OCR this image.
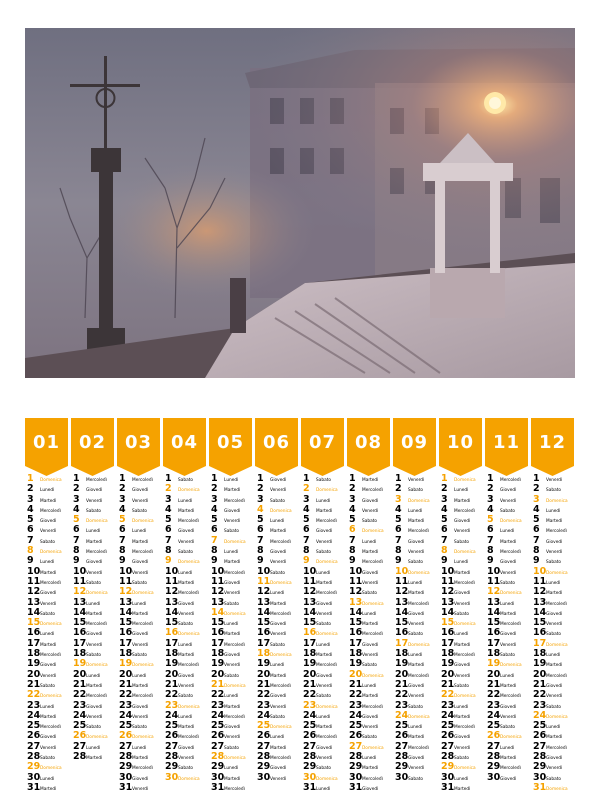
01
1	Domenica
2	Lunedì
3	Martedì
4	Mercoledì
5	Giovedì
6	Venerdì
7	Sabato
8	Domenica
9	Lunedì
10 Martedì
11 Mercoledì
12 Giovedì
13 Venerdì
14 Sabato
15 Domenica
16 Lunedì
17 Martedì
18 Mercoledì
19 Giovedì
20 Venerdì
21 Sabato
22 Domenica
23 Lunedì
24 Martedì
25 Mercoledì
26 Giovedì
27 Venerdì
28 Sabato
29 Domenica
30 Lunedì
31 Martedì
02
1	Mercoledì
2	Giovedì
3	Venerdì
4	Sabato
5	Domenica
6	Lunedì
7	Martedì
8	Mercoledì
9	Giovedì
10 Venerdì
11 Sabato
12 Domenica
13 Lunedì
14 Martedì
15 Mercoledì
16 Giovedì
17 Venerdì
18 Sabato
19 Domenica
20 Lunedì
21 Martedì
22 Mercoledì
23 Giovedì
24 Venerdì
25 Sabato
26 Domenica
27 Lunedì
28 Martedì
03
1	Mercoledì
2	Giovedì
3	Venerdì
4	Sabato
5	Domenica
6	Lunedì
7	Martedì
8	Mercoledì
9	Giovedì
10 Venerdì
11 Sabato
12 Domenica
13 Lunedì
14 Martedì
15 Mercoledì
16 Giovedì
17 Venerdì
18 Sabato
19 Domenica
20 Lunedì
21 Martedì
22 Mercoledì
23 Giovedì
24 Venerdì
25 Sabato
26 Domenica
27 Lunedì
28 Martedì
29 Mercoledì
30 Giovedì
31 Venerdì
04
1	Sabato
2	Domenica
3	Lunedì
4	Martedì
5	Mercoledì
6	Giovedì
7	Venerdì
8	Sabato
9	Domenica
10 Lunedì
11 Martedì
12 Mercoledì
13 Giovedì
14 Venerdì
15 Sabato
16 Domenica
17 Lunedì
18 Martedì
19 Mercoledì
20 Giovedì
21 Venerdì
22 Sabato
23 Domenica
24 Lunedì
25 Martedì
26 Mercoledì
27 Giovedì
28 Venerdì
29 Sabato
30 Domenica
05
1	Lunedì
2	Martedì
3	Mercoledì
4	Giovedì
5	Venerdì
6	Sabato
7	Domenica
8	Lunedì
9	Martedì
10 Mercoledì
11 Giovedì
12 Venerdì
13 Sabato
14 Domenica
15 Lunedì
16 Martedì
17 Mercoledì
18 Giovedì
19 Venerdì
20 Sabato
21 Domenica
22 Lunedì
23 Martedì
24 Mercoledì
25 Giovedì
26 Venerdì
27 Sabato
28 Domenica
29 Lunedì
30 Martedì
31 Mercoledì
06
1	Giovedì
2	Venerdì
3	Sabato
4	Domenica
5	Lunedì
6	Martedì
7	Mercoledì
8	Giovedì
9	Venerdì
10 Sabato
11 Domenica
12 Lunedì
13 Martedì
14 Mercoledì
15 Giovedì
16 Venerdì
17 Sabato
18 Domenica
19 Lunedì
20 Martedì
21 Mercoledì
22 Giovedì
23 Venerdì
24 Sabato
25 Domenica
26 Lunedì
27 Martedì
28 Mercoledì
29 Giovedì
30 Venerdì
07
1	Sabato
2	Domenica
3	Lunedì
4	Martedì
5	Mercoledì
6	Giovedì
7	Venerdì
8	Sabato
9	Domenica
10 Lunedì
11 Martedì
12 Mercoledì
13 Giovedì
14 Venerdì
15 Sabato
16 Domenica
17 Lunedì
18 Martedì
19 Mercoledì
20 Giovedì
21 Venerdì
22 Sabato
23 Domenica
24 Lunedì
25 Martedì
26 Mercoledì
27 Giovedì
28 Venerdì
29 Sabato
30 Domenica
31 Lunedì
08
1	Martedì
2	Mercoledì
3	Giovedì
4	Venerdì
5	Sabato
6	Domenica
7	Lunedì
8	Martedì
9	Mercoledì
10 Giovedì
11 Venerdì
12 Sabato
13 Domenica
14 Lunedì
15 Martedì
16 Mercoledì
17 Giovedì
18 Venerdì
19 Sabato
20 Domenica
21 Lunedì
22 Martedì
23 Mercoledì
24 Giovedì
25 Venerdì
26 Sabato
27 Domenica
28 Lunedì
29 Martedì
30 Mercoledì
31 Giovedì
09
1	Venerdì
2	Sabato
3	Domenica
4	Lunedì
5	Martedì
6	Mercoledì
7	Giovedì
8	Venerdì
9	Sabato
10 Domenica
11 Lunedì
12 Martedì
13 Mercoledì
14 Giovedì
15 Venerdì
16 Sabato
17 Domenica
18 Lunedì
19 Martedì
20 Mercoledì
21 Giovedì
22 Venerdì
23 Sabato
24 Domenica
25 Lunedì
26 Martedì
27 Mercoledì
28 Giovedì
29 Venerdì
30 Sabato
10
1	Domenica
2	Lunedì
3	Martedì
4	Mercoledì
5	Giovedì
6	Venerdì
7	Sabato
8	Domenica
9	Lunedì
10 Martedì
11 Mercoledì
12 Giovedì
13 Venerdì
14 Sabato
15 Domenica
16 Lunedì
17 Martedì
18 Mercoledì
19 Giovedì
20 Venerdì
21 Sabato
22 Domenica
23 Lunedì
24 Martedì
25 Mercoledì
26 Giovedì
27 Venerdì
28 Sabato
29 Domenica
30 Lunedì
31 Martedì
11
1	Mercoledì
2	Giovedì
3	Venerdì
4	Sabato
5	Domenica
6	Lunedì
7	Martedì
8	Mercoledì
9	Giovedì
10 Venerdì
11 Sabato
12 Domenica
13 Lunedì
14 Martedì
15 Mercoledì
16 Giovedì
17 Venerdì
18 Sabato
19 Domenica
20 Lunedì
21 Martedì
22 Mercoledì
23 Giovedì
24 Venerdì
25 Sabato
26 Domenica
27 Lunedì
28 Martedì
29 Mercoledì
30 Giovedì
12
1	Venerdì
2	Sabato
3	Domenica
4	Lunedì
5	Martedì
6	Mercoledì
7	Giovedì
8	Venerdì
9	Sabato
10 Domenica
11 Lunedì
12 Martedì
13 Mercoledì
14 Giovedì
15 Venerdì
16 Sabato
17 Domenica
18 Lunedì
19 Martedì
20 Mercoledì
21 Giovedì
22 Venerdì
23 Sabato
24 Domenica
25 Lunedì
26 Martedì
27 Mercoledì
28 Giovedì
29 Venerdì
30 Sabato
31 Domenica
